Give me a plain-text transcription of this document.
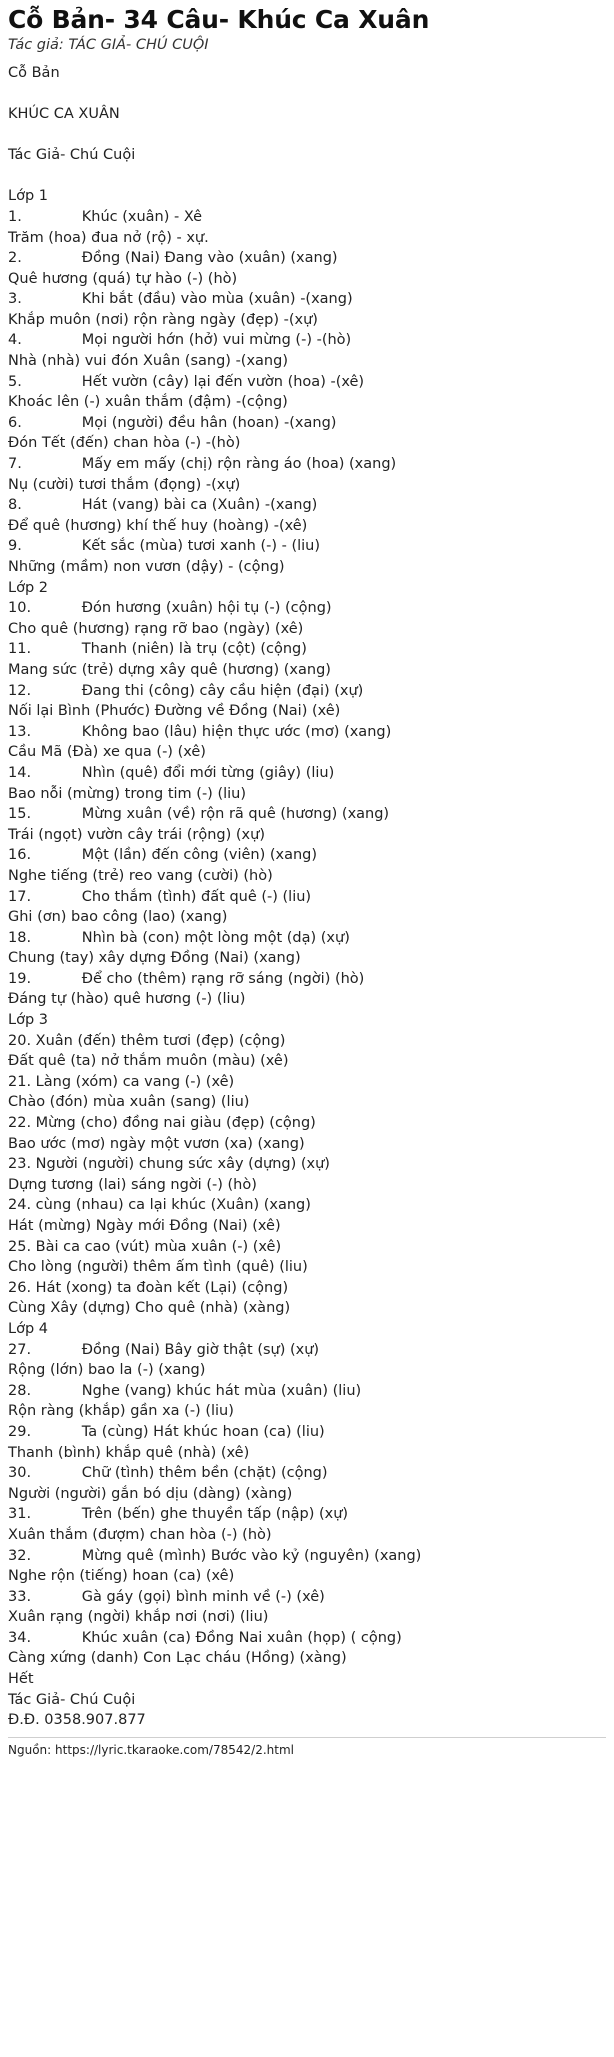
Cỗ Bản- 34 Câu- Khúc Ca Xuân
Tác giả: TÁC GIẢ- CHÚ CUỘI
Cỗ Bản

KHÚC CA XUÂN

Tác Giả- Chú Cuội

Lớp 1
1.		Khúc (xuân) - Xê
Trăm (hoa) đua nở (rộ) - xự.
2.		Đồng (Nai) Đang vào (xuân) (xang)
Quê hương (quá) tự hào (-) (hò)
3.		Khi bắt (đầu) vào mùa (xuân) -(xang)
Khắp muôn (nơi) rộn ràng ngày (đẹp) -(xự)
4.		Mọi người hớn (hở) vui mừng (-) -(hò)
Nhà (nhà) vui đón Xuân (sang) -(xang)
5.		Hết vườn (cây) lại đến vườn (hoa) -(xê)
Khoác lên (-) xuân thắm (đậm) -(cộng)
6.		Mọi (người) đều hân (hoan) -(xang)
Đón Tết (đến) chan hòa (-) -(hò)
7.		Mấy em mấy (chị) rộn ràng áo (hoa) (xang)
Nụ (cười) tươi thắm (đọng) -(xự)
8.		Hát (vang) bài ca (Xuân) -(xang)
Để quê (hương) khí thế huy (hoàng) -(xê)
9.		Kết sắc (mùa) tươi xanh (-) - (liu)
Những (mầm) non vươn (dậy) - (cộng)
Lớp 2
10.		Đón hương (xuân) hội tụ (-) (cộng)
Cho quê (hương) rạng rỡ bao (ngày) (xê)
11.		Thanh (niên) là trụ (cột) (cộng)
Mang sức (trẻ) dựng xây quê (hương) (xang)
12.		Đang thi (công) cây cầu hiện (đại) (xự)
Nối lại Bình (Phước) Đường về Đồng (Nai) (xê)
13.		Không bao (lâu) hiện thực ước (mơ) (xang)
Cầu Mã (Đà) xe qua (-) (xê)
14.		Nhìn (quê) đổi mới từng (giây) (liu)
Bao nỗi (mừng) trong tim (-) (liu)
15.		Mừng xuân (về) rộn rã quê (hương) (xang)
Trái (ngọt) vườn cây trái (rộng) (xự)
16.		Một (lần) đến công (viên) (xang)
Nghe tiếng (trẻ) reo vang (cười) (hò)
17.		Cho thắm (tình) đất quê (-) (liu)
Ghi (ơn) bao công (lao) (xang)
18.		Nhìn bà (con) một lòng một (dạ) (xự)
Chung (tay) xây dựng Đồng (Nai) (xang)
19.		Để cho (thêm) rạng rỡ sáng (ngời) (hò)
Đáng tự (hào) quê hương (-) (liu)
Lớp 3
20. Xuân (đến) thêm tươi (đẹp) (cộng)
Đất quê (ta) nở thắm muôn (màu) (xê)
21. Làng (xóm) ca vang (-) (xê)
Chào (đón) mùa xuân (sang) (liu)
22. Mừng (cho) đồng nai giàu (đẹp) (cộng)
Bao ước (mơ) ngày một vươn (xa) (xang)
23. Người (người) chung sức xây (dựng) (xự)
Dựng tương (lai) sáng ngời (-) (hò)
24. cùng (nhau) ca lại khúc (Xuân) (xang)
Hát (mừng) Ngày mới Đồng (Nai) (xê)
25. Bài ca cao (vút) mùa xuân (-) (xê)
Cho lòng (người) thêm ấm tình (quê) (liu)
26. Hát (xong) ta đoàn kết (Lại) (cộng)
Cùng Xây (dựng) Cho quê (nhà) (xàng)
Lớp 4
27.		Đồng (Nai) Bây giờ thật (sự) (xự)
Rộng (lớn) bao la (-) (xang)
28.		Nghe (vang) khúc hát mùa (xuân) (liu)
Rộn ràng (khắp) gần xa (-) (liu)
29.		Ta (cùng) Hát khúc hoan (ca) (liu)
Thanh (bình) khắp quê (nhà) (xê)
30.		Chữ (tình) thêm bền (chặt) (cộng)
Người (người) gắn bó dịu (dàng) (xàng)
31.		Trên (bến) ghe thuyền tấp (nập) (xự)
Xuân thắm (đượm) chan hòa (-) (hò)
32.		Mừng quê (mình) Bước vào kỷ (nguyên) (xang)
Nghe rộn (tiếng) hoan (ca) (xê)
33.		Gà gáy (gọi) bình minh về (-) (xê)
Xuân rạng (ngời) khắp nơi (nơi) (liu)
34.		Khúc xuân (ca) Đồng Nai xuân (họp) ( cộng)
Càng xứng (danh) Con Lạc cháu (Hồng) (xàng)
Hết
Tác Giả- Chú Cuội
Đ.Đ. 0358.907.877
Nguồn: https://lyric.tkaraoke.com/78542/2.html
